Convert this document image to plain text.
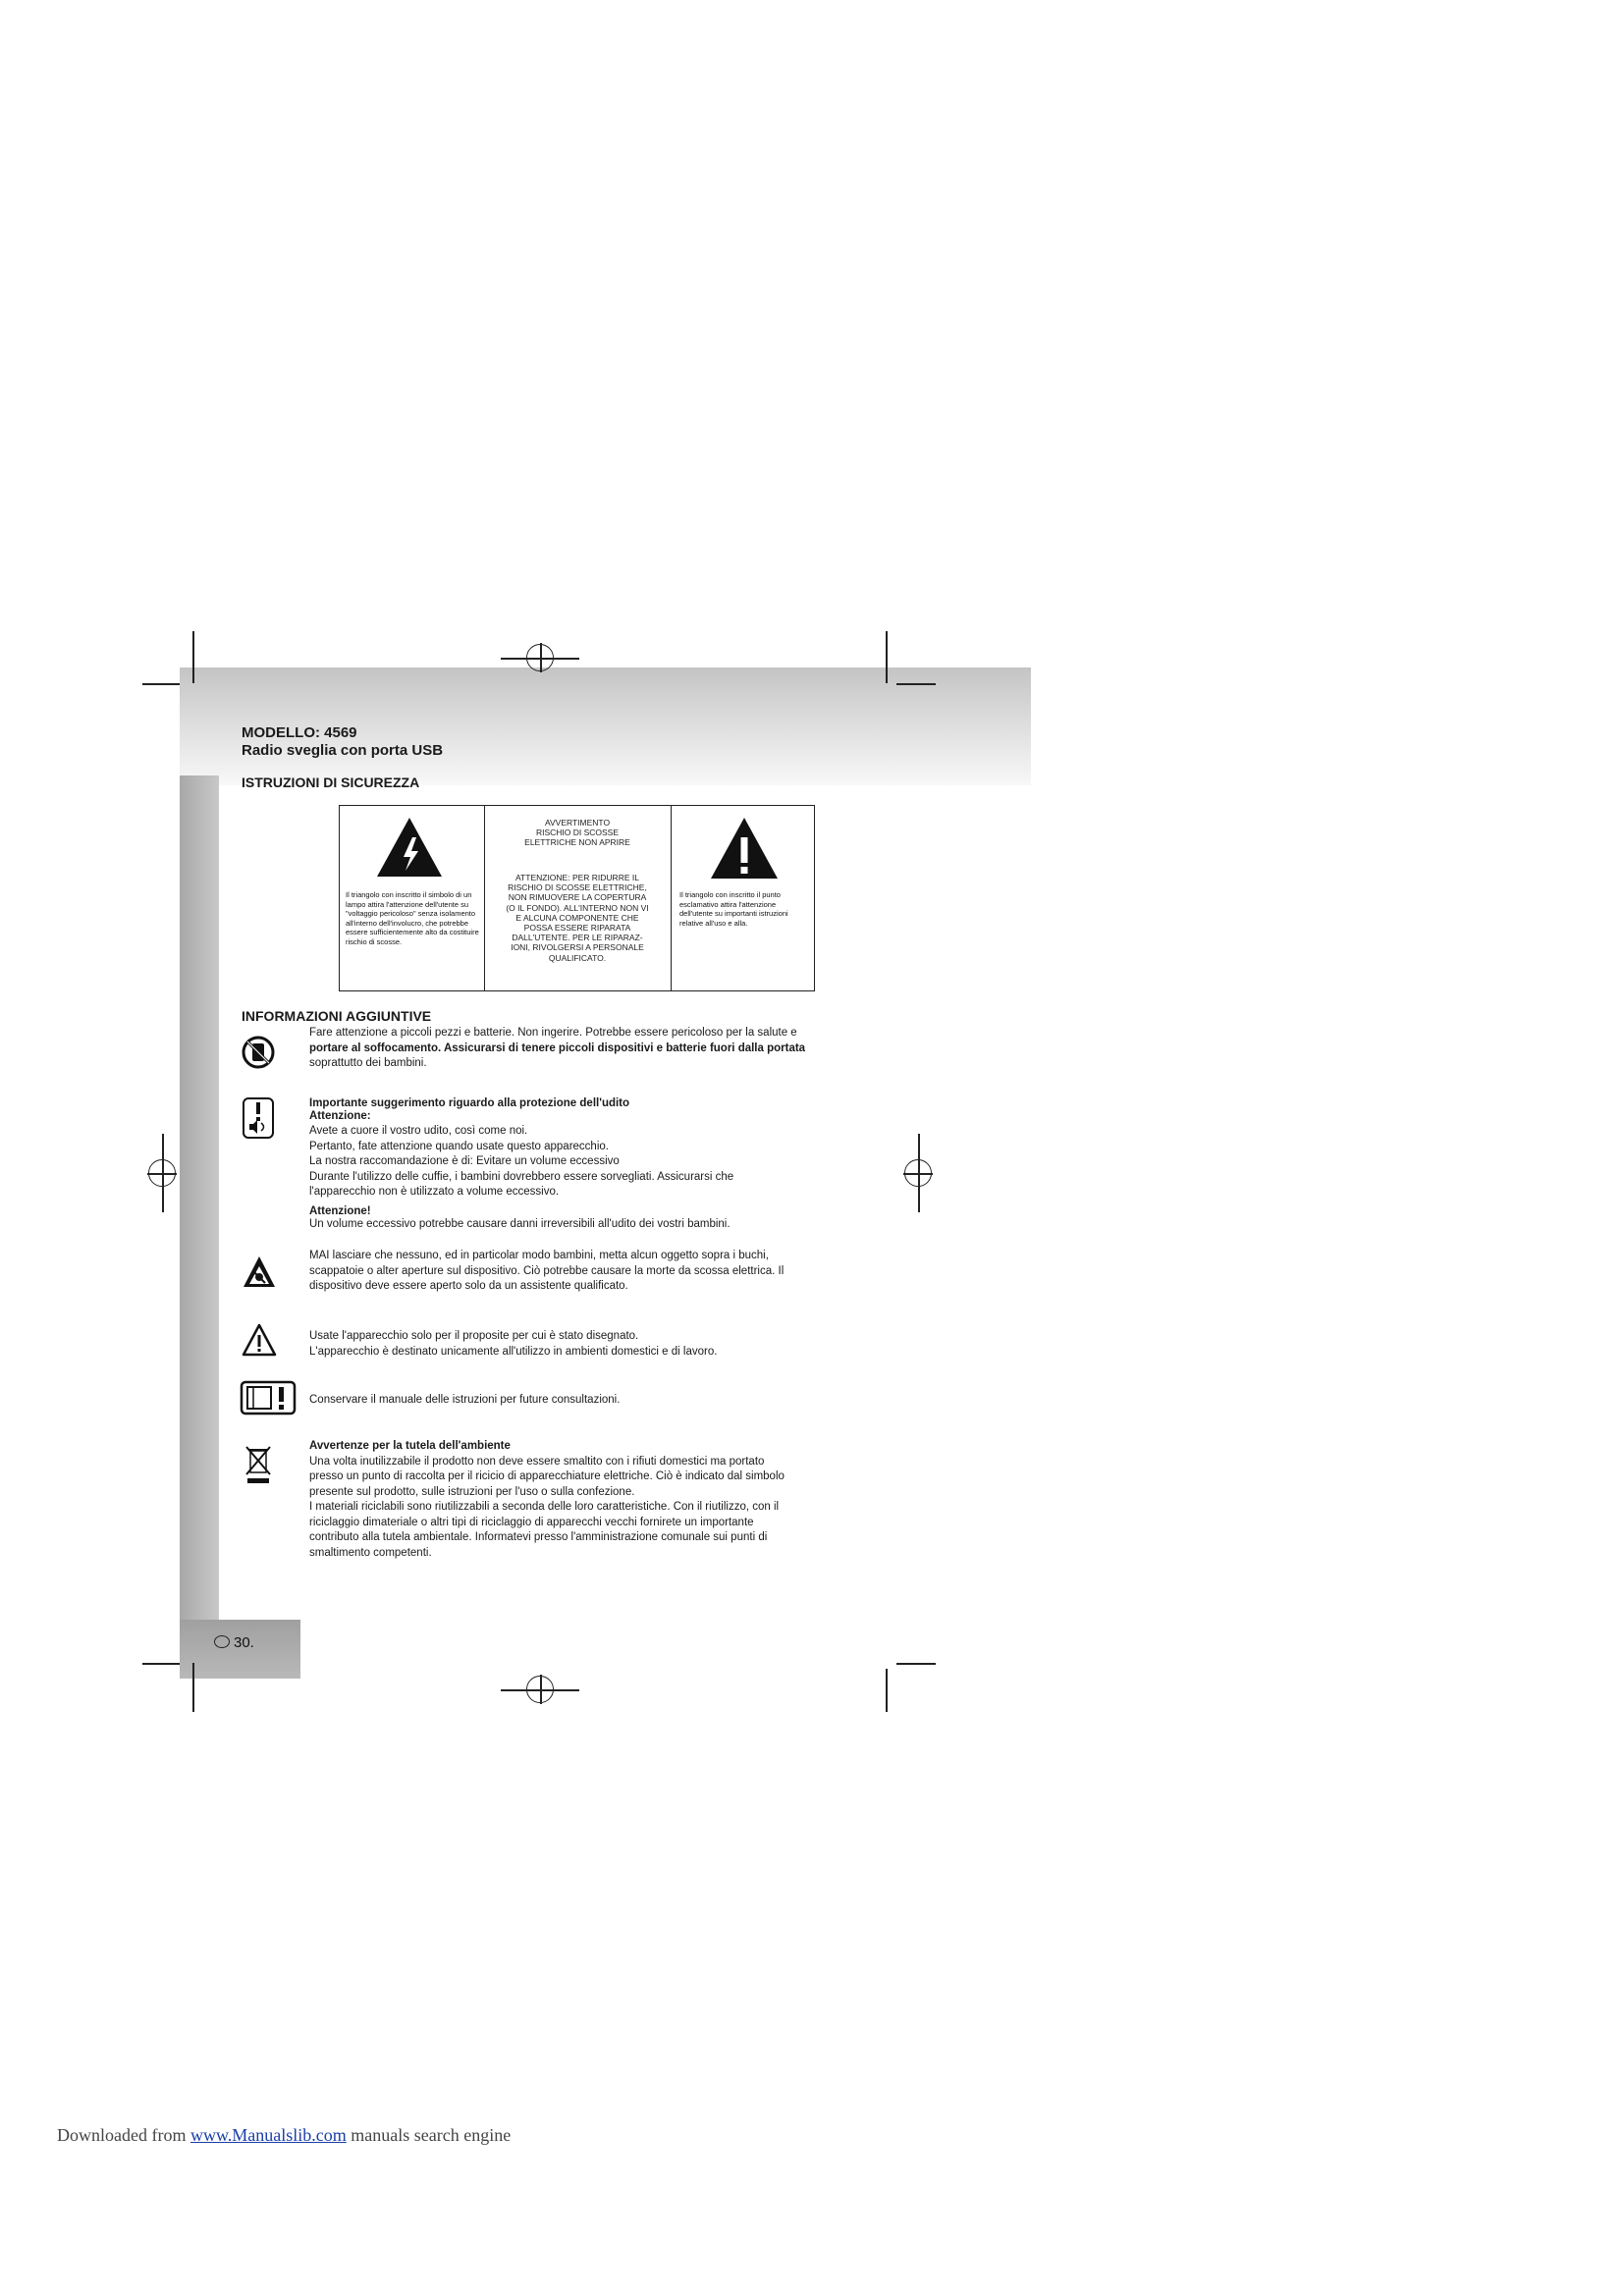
30.
MODELLO: 4569
Radio sveglia con porta USB
ISTRUZIONI DI SICUREZZA
Il triangolo con inscritto il simbolo di un lampo attira l'attenzione dell'utente su "voltaggio pericoloso" senza isolamento all'interno dell'involucro, che potrebbe essere sufficientemente alto da costituire rischio di scosse.
AVVERTIMENTO
RISCHIO DI SCOSSE
ELETTRICHE NON APRIRE
ATTENZIONE: PER RIDURRE IL
RISCHIO DI SCOSSE ELETTRICHE,
NON RIMUOVERE LA COPERTURA
(O IL FONDO). ALL'INTERNO NON VI
E ALCUNA COMPONENTE CHE
POSSA ESSERE RIPARATA
DALL'UTENTE. PER LE RIPARAZ-
IONI, RIVOLGERSI A PERSONALE
QUALIFICATO.
Il triangolo con inscritto il punto esclamativo attira l'attenzione dell'utente su importanti istruzioni relative all'uso e alla.
INFORMAZIONI AGGIUNTIVE
Fare attenzione a piccoli pezzi e batterie. Non ingerire. Potrebbe essere pericoloso per la salute e
portare al soffocamento. Assicurarsi di tenere piccoli dispositivi e batterie fuori dalla portata
soprattutto dei bambini.
Importante suggerimento riguardo alla protezione dell'udito
Attenzione:
Avete a cuore il vostro udito, così come noi.
Pertanto, fate attenzione quando usate questo apparecchio.
La nostra raccomandazione è di: Evitare un volume eccessivo
Durante l'utilizzo delle cuffie, i bambini dovrebbero essere sorvegliati. Assicurarsi che
l'apparecchio non è utilizzato a volume eccessivo.
Attenzione!
Un volume eccessivo potrebbe causare danni irreversibili all'udito dei vostri bambini.
MAI lasciare che nessuno, ed in particolar modo bambini, metta alcun oggetto sopra i buchi,
scappatoie o alter aperture sul dispositivo. Ciò potrebbe causare la morte da scossa elettrica. Il
dispositivo deve essere aperto solo da un assistente qualificato.
Usate l'apparecchio solo per il proposite per cui è stato disegnato.
L'apparecchio è destinato unicamente all'utilizzo in ambienti domestici e di lavoro.
Conservare il manuale delle istruzioni per future consultazioni.
Avvertenze per la tutela dell'ambiente
Una volta inutilizzabile il prodotto non deve essere smaltito con i rifiuti domestici ma portato
presso un punto di raccolta per il ricicio di apparecchiature elettriche. Ciò è indicato dal simbolo
presente sul prodotto, sulle istruzioni per l'uso o sulla confezione.
I materiali riciclabili sono riutilizzabili a seconda delle loro caratteristiche. Con il riutilizzo, con il
riciclaggio dimateriale o altri tipi di riciclaggio di apparecchi vecchi fornirete un importante
contributo alla tutela ambientale. Informatevi presso l'amministrazione comunale sui punti di
smaltimento competenti.
Downloaded from www.Manualslib.com manuals search engine
